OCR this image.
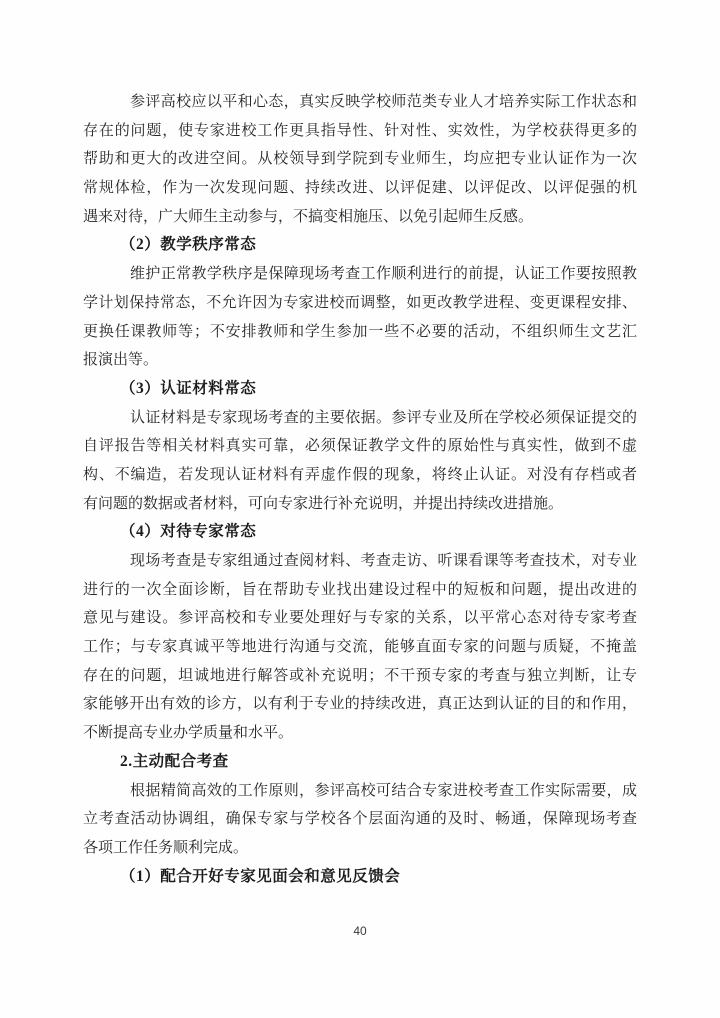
参评高校应以平和心态，真实反映学校师范类专业人才培养实际工作状态和
存在的问题，使专家进校工作更具指导性、针对性、实效性，为学校获得更多的
帮助和更大的改进空间。从校领导到学院到专业师生，均应把专业认证作为一次
常规体检，作为一次发现问题、持续改进、以评促建、以评促改、以评促强的机
遇来对待，广大师生主动参与，不搞变相施压、以免引起师生反感。
（2）教学秩序常态
维护正常教学秩序是保障现场考查工作顺利进行的前提，认证工作要按照教
学计划保持常态，不允许因为专家进校而调整，如更改教学进程、变更课程安排、
更换任课教师等；不安排教师和学生参加一些不必要的活动，不组织师生文艺汇
报演出等。
（3）认证材料常态
认证材料是专家现场考查的主要依据。参评专业及所在学校必须保证提交的
自评报告等相关材料真实可靠，必须保证教学文件的原始性与真实性，做到不虚
构、不编造，若发现认证材料有弄虚作假的现象，将终止认证。对没有存档或者
有问题的数据或者材料，可向专家进行补充说明，并提出持续改进措施。
（4）对待专家常态
现场考查是专家组通过查阅材料、考查走访、听课看课等考查技术，对专业
进行的一次全面诊断，旨在帮助专业找出建设过程中的短板和问题，提出改进的
意见与建设。参评高校和专业要处理好与专家的关系，以平常心态对待专家考查
工作；与专家真诚平等地进行沟通与交流，能够直面专家的问题与质疑，不掩盖
存在的问题，坦诚地进行解答或补充说明；不干预专家的考查与独立判断，让专
家能够开出有效的诊方，以有利于专业的持续改进，真正达到认证的目的和作用，
不断提高专业办学质量和水平。
2.主动配合考查
根据精简高效的工作原则，参评高校可结合专家进校考查工作实际需要，成
立考查活动协调组，确保专家与学校各个层面沟通的及时、畅通，保障现场考查
各项工作任务顺利完成。
（1）配合开好专家见面会和意见反馈会
40
